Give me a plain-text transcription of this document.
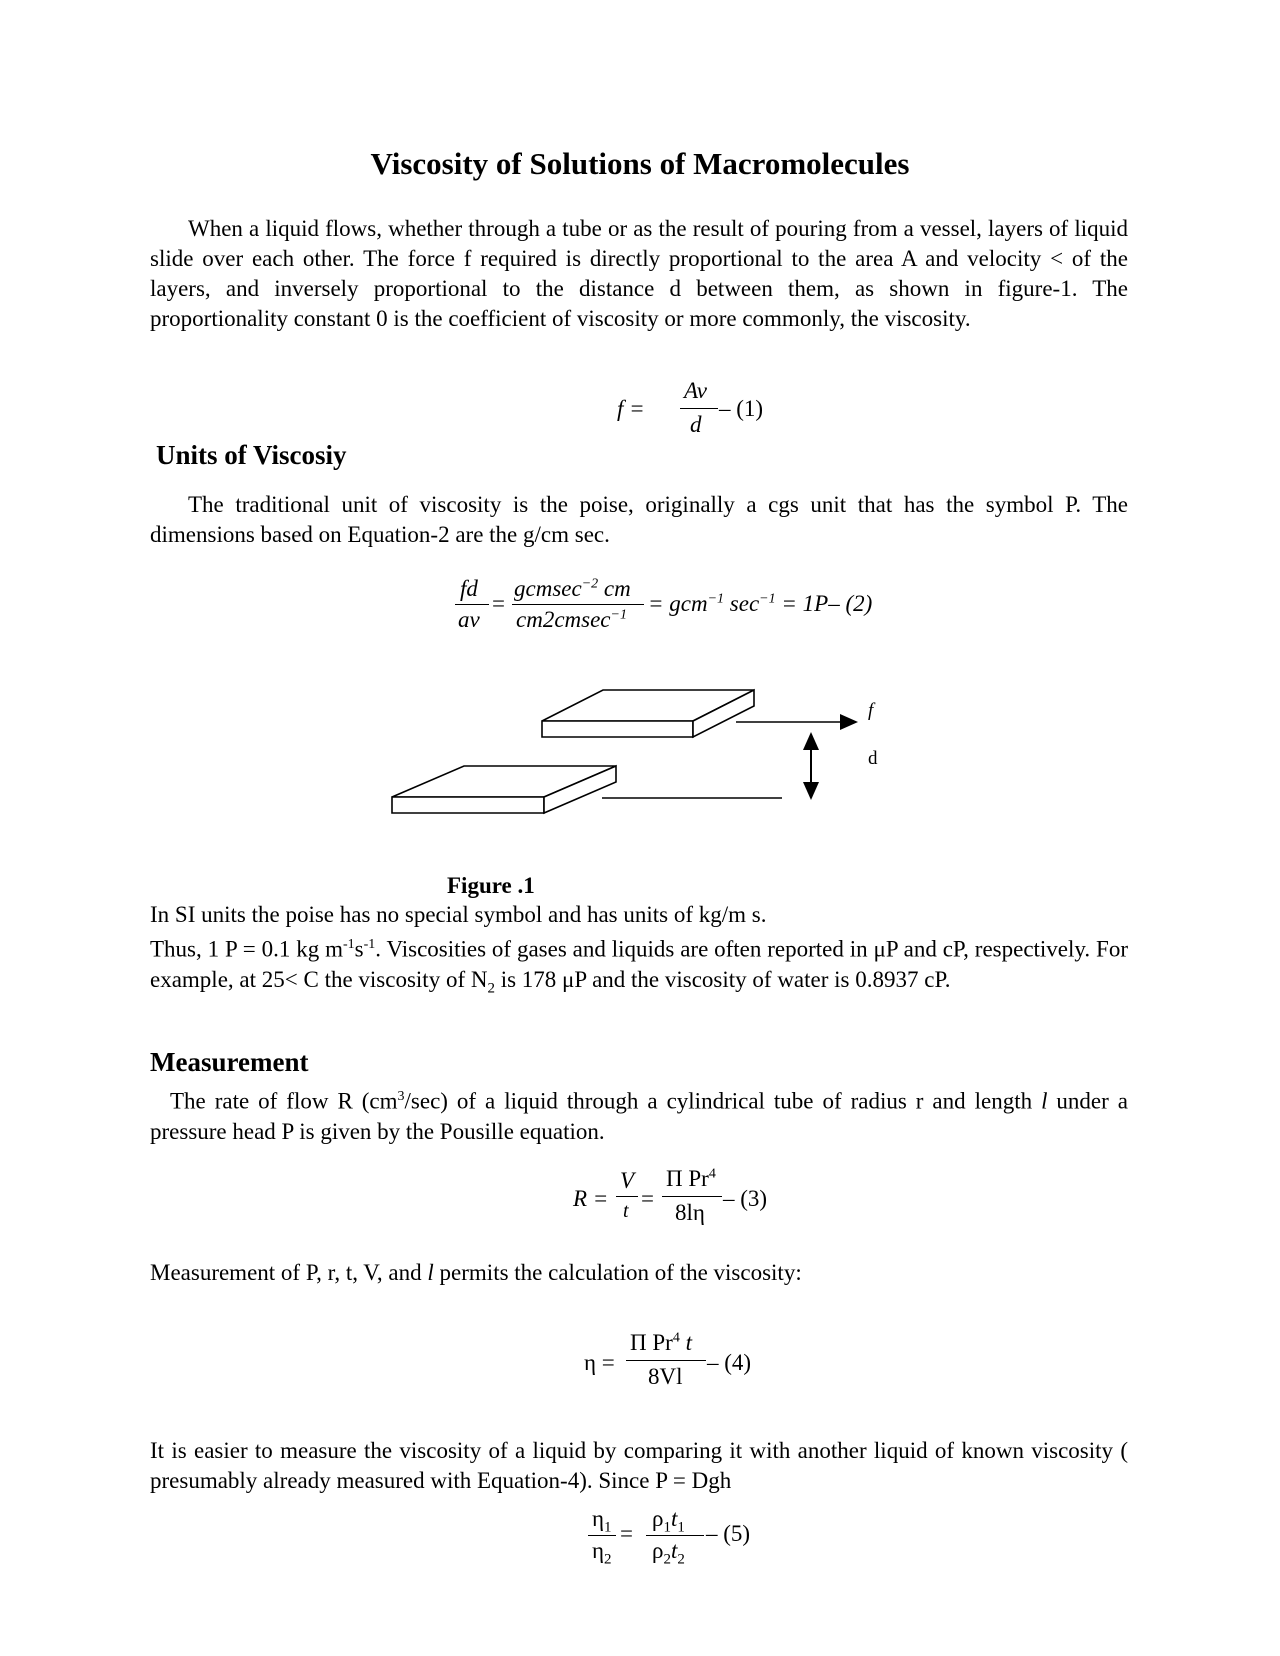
Viscosity of Solutions of Macromolecules

When a liquid flows, whether through a tube or as the result of pouring from a vessel, layers of liquid slide over each other. The force f required is directly proportional to the area A and velocity < of the layers, and inversely proportional to the distance d between them, as shown in figure-1. The proportionality constant 0 is the coefficient of viscosity or more commonly, the viscosity.

f =
Av
d
– (1)
Units of Viscosiy

The traditional unit of viscosity is the poise, originally a cgs unit that has the symbol P. The dimensions based on Equation-2 are the g/cm sec.

fd
av
=
gcmsec$^{-2}$ cm
cm2cmsec$^{-1}$ = gcm$^{-1}$ $\sec^{-1} = 1P-$ (2)
f
d
Figure .1

In SI units the poise has no special symbol and has units of kg/m s.

Thus, 1 P = 0.1 kg $m^{-1}s^{-1}$. Viscosities of gases and liquids are often reported in μP and cP, respectively. For example, at 25< C the viscosity of $N_2$ is 178 μP and the viscosity of water is 0.8937 cP.

Measurement

The rate of flow R $(cm^3/\sec)$ of a liquid through a cylindrical tube of radius r and length l under a pressure head P is given by the Pousille equation.

R =
V
t =
Π Pr$^4$
8lη
– (3)

Measurement of P, r, t, V, and l permits the calculation of the viscosity:

η =
Π Pr$^4$ t
8Vl
– (4)

It is easier to measure the viscosity of a liquid by comparing it with another liquid of known viscosity ( presumably already measured with Equation-4). Since P = Dgh

$\eta_1$
$\eta_2$
=
$\rho_1t_1$
$\rho_2t_2$
– (5)
